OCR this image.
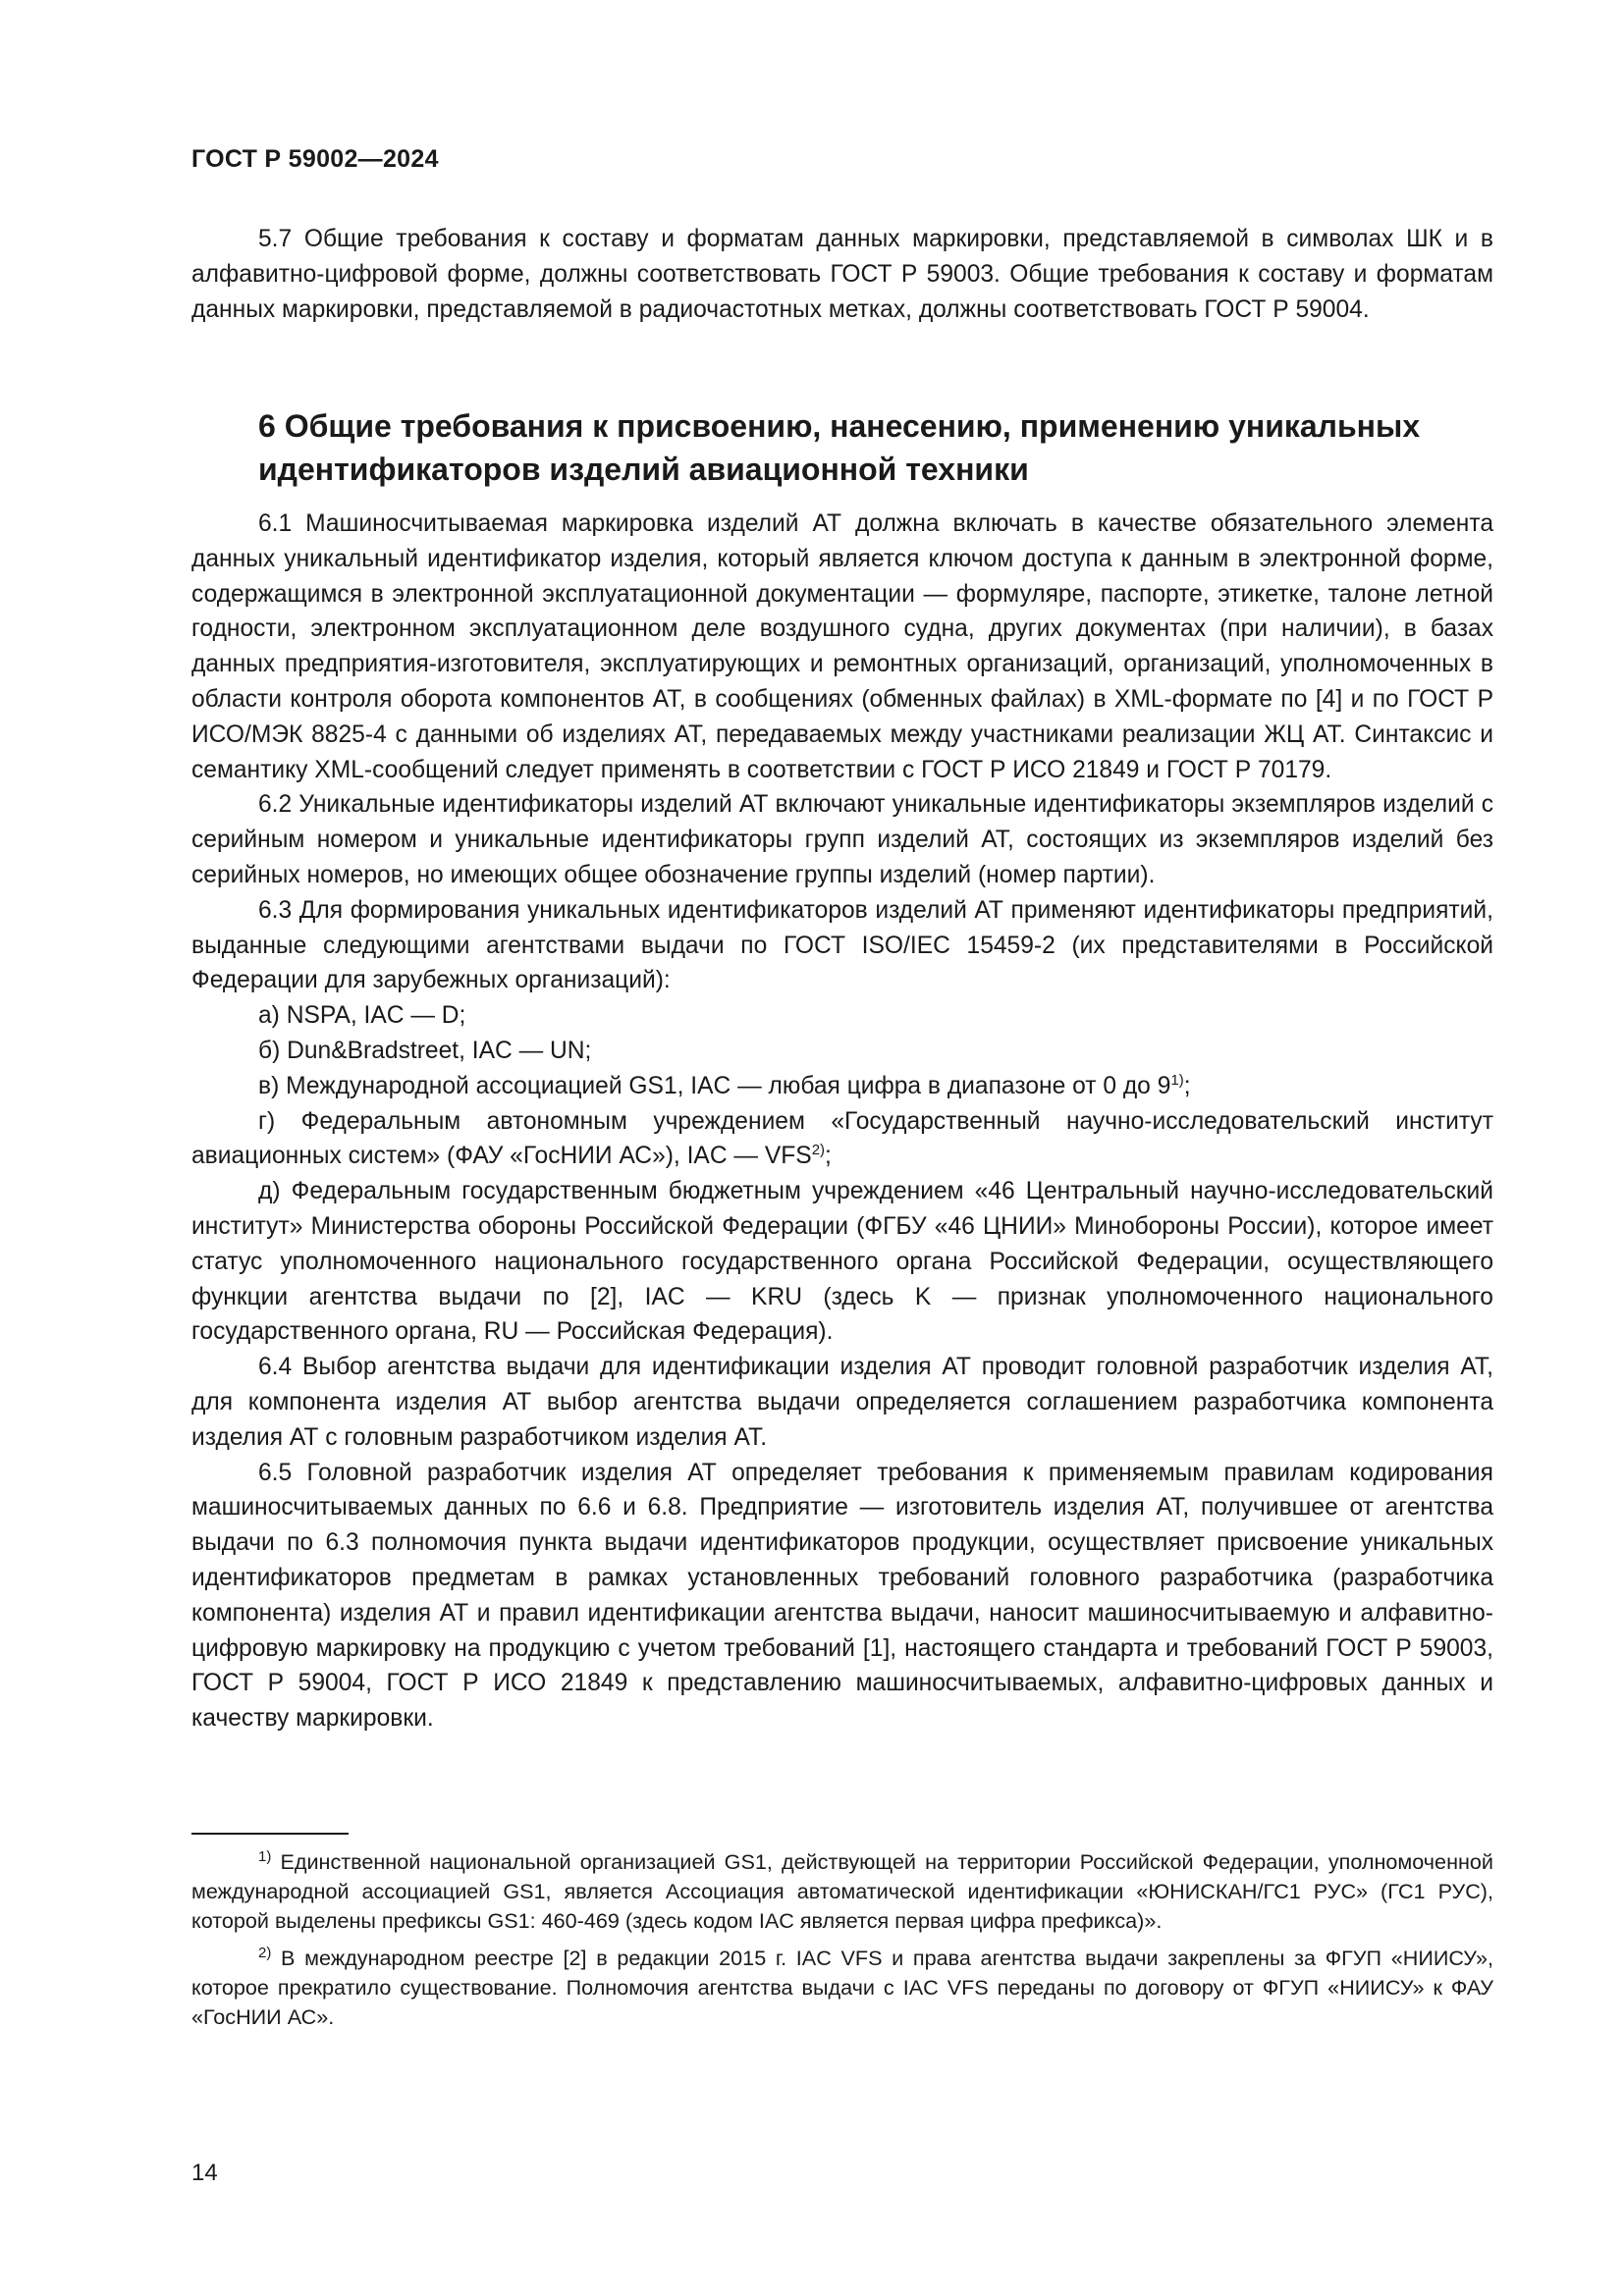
ГОСТ Р 59002—2024

5.7 Общие требования к составу и форматам данных маркировки, представляемой в символах ШК и в алфавитно-цифровой форме, должны соответствовать ГОСТ Р 59003. Общие требования к составу и форматам данных маркировки, представляемой в радиочастотных метках, должны соответствовать ГОСТ Р 59004.

6 Общие требования к присвоению, нанесению, применению уникальных

идентификаторов изделий авиационной техники

6.1 Машиносчитываемая маркировка изделий АТ должна включать в качестве обязательного элемента данных уникальный идентификатор изделия, который является ключом доступа к данным в электронной форме, содержащимся в электронной эксплуатационной документации — формуляре, паспорте, этикетке, талоне летной годности, электронном эксплуатационном деле воздушного судна, других документах (при наличии), в базах данных предприятия-изготовителя, эксплуатирующих и ремонтных организаций, организаций, уполномоченных в области контроля оборота компонентов АТ, в сообщениях (обменных файлах) в XML-формате по [4] и по ГОСТ Р ИСО/МЭК 8825-4 с данными об изделиях АТ, передаваемых между участниками реализации ЖЦ АТ. Синтаксис и семантику XML-сообщений следует применять в соответствии с ГОСТ Р ИСО 21849 и ГОСТ Р 70179.

6.2 Уникальные идентификаторы изделий АТ включают уникальные идентификаторы экземпляров изделий с серийным номером и уникальные идентификаторы групп изделий АТ, состоящих из экземпляров изделий без серийных номеров, но имеющих общее обозначение группы изделий (номер партии).

6.3 Для формирования уникальных идентификаторов изделий АТ применяют идентификаторы предприятий, выданные следующими агентствами выдачи по ГОСТ ISO/IEC 15459-2 (их представителями в Российской Федерации для зарубежных организаций):

а) NSPA, IAC — D;

б) Dun&Bradstreet, IAC — UN;

в) Международной ассоциацией GS1, IAC — любая цифра в диапазоне от 0 до 9$^{1)}$;

г) Федеральным автономным учреждением «Государственный научно-исследовательский институт авиационных систем» (ФАУ «ГосНИИ АС»), IAC — VFS$^{2)}$;

д) Федеральным государственным бюджетным учреждением «46 Центральный научно-исследовательский институт» Министерства обороны Российской Федерации (ФГБУ «46 ЦНИИ» Минобороны России), которое имеет статус уполномоченного национального государственного органа Российской Федерации, осуществляющего функции агентства выдачи по [2], IAC — KRU (здесь K — признак уполномоченного национального государственного органа, RU — Российская Федерация).

6.4 Выбор агентства выдачи для идентификации изделия АТ проводит головной разработчик изделия АТ, для компонента изделия АТ выбор агентства выдачи определяется соглашением разработчика компонента изделия АТ с головным разработчиком изделия АТ.

6.5 Головной разработчик изделия АТ определяет требования к применяемым правилам кодирования машиносчитываемых данных по 6.6 и 6.8. Предприятие — изготовитель изделия АТ, получившее от агентства выдачи по 6.3 полномочия пункта выдачи идентификаторов продукции, осуществляет присвоение уникальных идентификаторов предметам в рамках установленных требований головного разработчика (разработчика компонента) изделия АТ и правил идентификации агентства выдачи, наносит машиносчитываемую и алфавитно-цифровую маркировку на продукцию с учетом требований [1], настоящего стандарта и требований ГОСТ Р 59003, ГОСТ Р 59004, ГОСТ Р ИСО 21849 к представлению машиносчитываемых, алфавитно-цифровых данных и качеству маркировки.

$^{1)}$ Единственной национальной организацией GS1, действующей на территории Российской Федерации, уполномоченной международной ассоциацией GS1, является Ассоциация автоматической идентификации «ЮНИСКАН/ГС1 РУС» (ГС1 РУС), которой выделены префиксы GS1: 460-469 (здесь кодом IAC является первая цифра префикса)».

$^{2)}$ В международном реестре [2] в редакции 2015 г. IAC VFS и права агентства выдачи закреплены за ФГУП «НИИСУ», которое прекратило существование. Полномочия агентства выдачи с IAC VFS переданы по договору от ФГУП «НИИСУ» к ФАУ «ГосНИИ АС».

14
